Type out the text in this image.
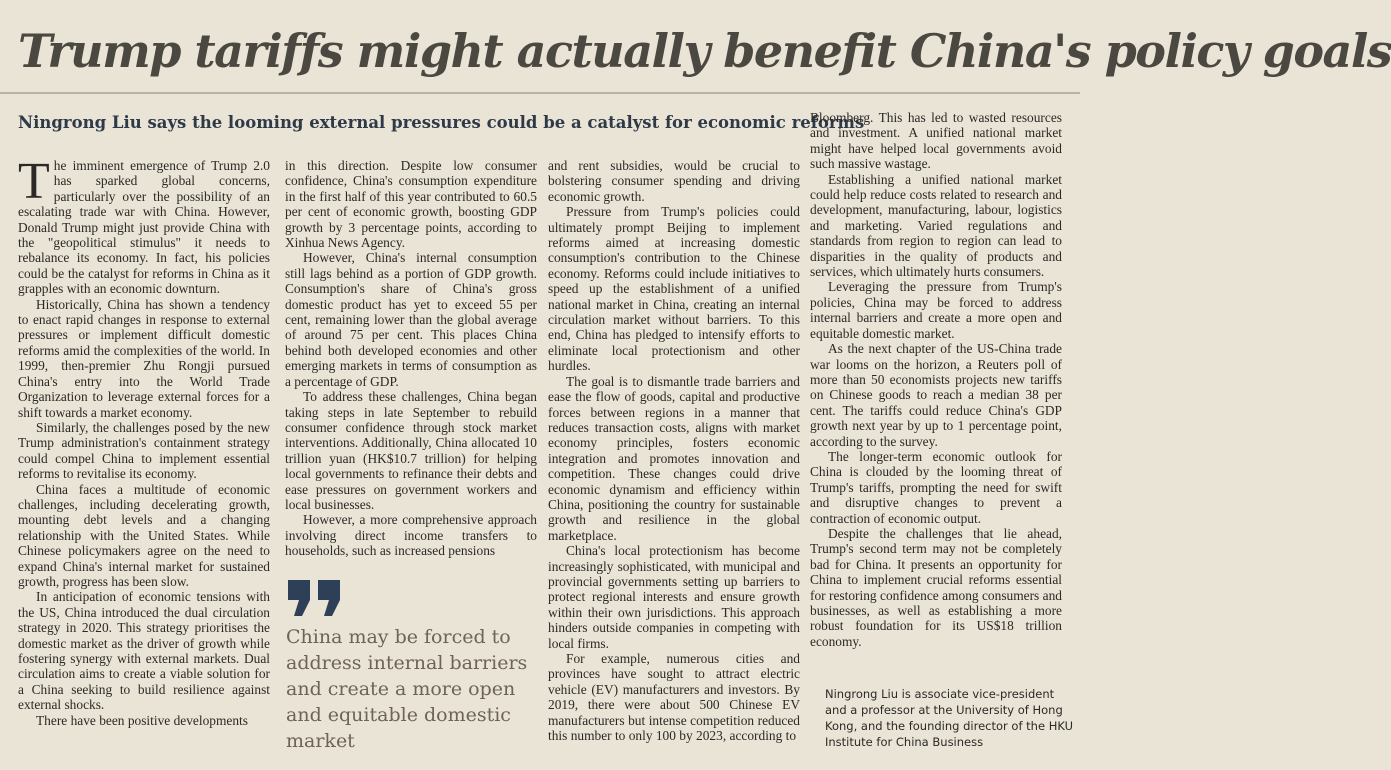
Trump tariffs might actually benefit China's policy goals
Ningrong Liu says the looming external pressures could be a catalyst for economic reforms

The imminent emergence of Trump 2.0 has sparked global concerns, particularly over the possibility of an escalating trade war with China. However, Donald Trump might just provide China with the "geopolitical stimulus" it needs to rebalance its economy. In fact, his policies could be the catalyst for reforms in China as it grapples with an economic downturn.

Historically, China has shown a tendency to enact rapid changes in response to external pressures or implement difficult domestic reforms amid the complexities of the world. In 1999, then-premier Zhu Rongji pursued China's entry into the World Trade Organization to leverage external forces for a shift towards a market economy.

Similarly, the challenges posed by the new Trump administration's containment strategy could compel China to implement essential reforms to revitalise its economy.

China faces a multitude of economic challenges, including decelerating growth, mounting debt levels and a changing relationship with the United States. While Chinese policymakers agree on the need to expand China's internal market for sustained growth, progress has been slow.

In anticipation of economic tensions with the US, China introduced the dual circulation strategy in 2020. This strategy prioritises the domestic market as the driver of growth while fostering synergy with external markets. Dual circulation aims to create a viable solution for a China seeking to build resilience against external shocks.

There have been positive developments

in this direction. Despite low consumer confidence, China's consumption expenditure in the first half of this year contributed to 60.5 per cent of economic growth, boosting GDP growth by 3 percentage points, according to Xinhua News Agency.

However, China's internal consumption still lags behind as a portion of GDP growth. Consumption's share of China's gross domestic product has yet to exceed 55 per cent, remaining lower than the global average of around 75 per cent. This places China behind both developed economies and other emerging markets in terms of consumption as a percentage of GDP.

To address these challenges, China began taking steps in late September to rebuild consumer confidence through stock market interventions. Additionally, China allocated 10 trillion yuan (HK$10.7 trillion) for helping local governments to refinance their debts and ease pressures on government workers and local businesses.

However, a more comprehensive approach involving direct income transfers to households, such as increased pensions

China may be forced to address internal barriers and create a more open and equitable domestic market

and rent subsidies, would be crucial to bolstering consumer spending and driving economic growth.

Pressure from Trump's policies could ultimately prompt Beijing to implement reforms aimed at increasing domestic consumption's contribution to the Chinese economy. Reforms could include initiatives to speed up the establishment of a unified national market in China, creating an internal circulation market without barriers. To this end, China has pledged to intensify efforts to eliminate local protectionism and other hurdles.

The goal is to dismantle trade barriers and ease the flow of goods, capital and productive forces between regions in a manner that reduces transaction costs, aligns with market economy principles, fosters economic integration and promotes innovation and competition. These changes could drive economic dynamism and efficiency within China, positioning the country for sustainable growth and resilience in the global marketplace.

China's local protectionism has become increasingly sophisticated, with municipal and provincial governments setting up barriers to protect regional interests and ensure growth within their own jurisdictions. This approach hinders outside companies in competing with local firms.

For example, numerous cities and provinces have sought to attract electric vehicle (EV) manufacturers and investors. By 2019, there were about 500 Chinese EV manufacturers but intense competition reduced this number to only 100 by 2023, according to

Bloomberg. This has led to wasted resources and investment. A unified national market might have helped local governments avoid such massive wastage.

Establishing a unified national market could help reduce costs related to research and development, manufacturing, labour, logistics and marketing. Varied regulations and standards from region to region can lead to disparities in the quality of products and services, which ultimately hurts consumers.

Leveraging the pressure from Trump's policies, China may be forced to address internal barriers and create a more open and equitable domestic market.

As the next chapter of the US-China trade war looms on the horizon, a Reuters poll of more than 50 economists projects new tariffs on Chinese goods to reach a median 38 per cent. The tariffs could reduce China's GDP growth next year by up to 1 percentage point, according to the survey.

The longer-term economic outlook for China is clouded by the looming threat of Trump's tariffs, prompting the need for swift and disruptive changes to prevent a contraction of economic output.

Despite the challenges that lie ahead, Trump's second term may not be completely bad for China. It presents an opportunity for China to implement crucial reforms essential for restoring confidence among consumers and businesses, as well as establishing a more robust foundation for its US$18 trillion economy.

Ningrong Liu is associate vice-president and a professor at the University of Hong Kong, and the founding director of the HKU Institute for China Business
